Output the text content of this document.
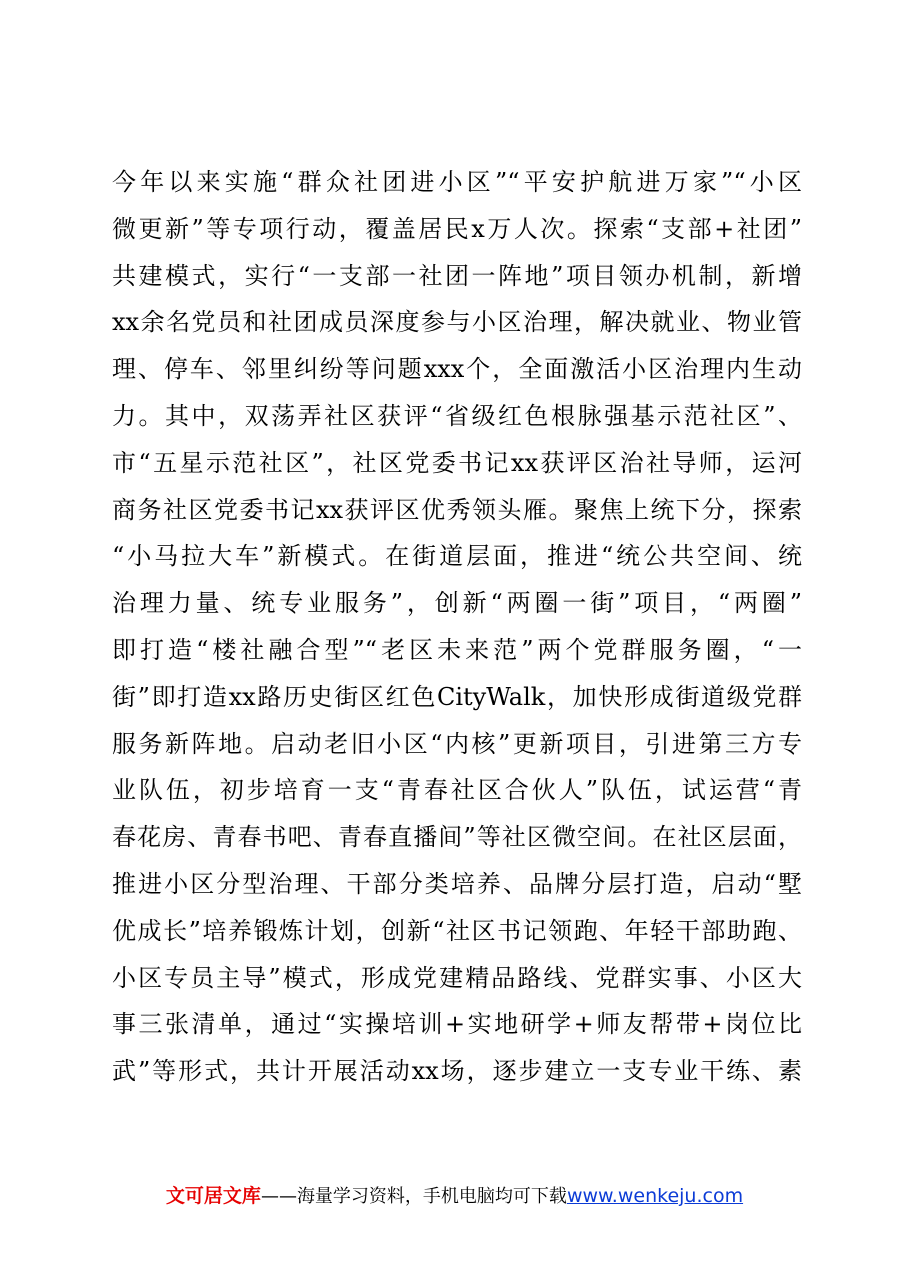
今年以来实施“群众社团进小区”“平安护航进万家”“小区
微更新”等专项行动，覆盖居民x万人次。探索“支部+社团”
共建模式，实行“一支部一社团一阵地”项目领办机制，新增
xx余名党员和社团成员深度参与小区治理，解决就业、物业管
理、停车、邻里纠纷等问题xxx个，全面激活小区治理内生动
力。其中，双荡弄社区获评“省级红色根脉强基示范社区”、
市“五星示范社区”，社区党委书记xx获评区治社导师，运河
商务社区党委书记xx获评区优秀领头雁。聚焦上统下分，探索
“小马拉大车”新模式。在街道层面，推进“统公共空间、统
治理力量、统专业服务”，创新“两圈一街”项目，“两圈”
即打造“楼社融合型”“老区未来范”两个党群服务圈，“一
街”即打造xx路历史街区红色CityWalk，加快形成街道级党群
服务新阵地。启动老旧小区“内核”更新项目，引进第三方专
业队伍，初步培育一支“青春社区合伙人”队伍，试运营“青
春花房、青春书吧、青春直播间”等社区微空间。在社区层面，
推进小区分型治理、干部分类培养、品牌分层打造，启动“墅
优成长”培养锻炼计划，创新“社区书记领跑、年轻干部助跑、
小区专员主导”模式，形成党建精品路线、党群实事、小区大
事三张清单，通过“实操培训+实地研学+师友帮带+岗位比
武”等形式，共计开展活动xx场，逐步建立一支专业干练、素
文可居文库——海量学习资料，手机电脑均可下载www.wenkeju.com
